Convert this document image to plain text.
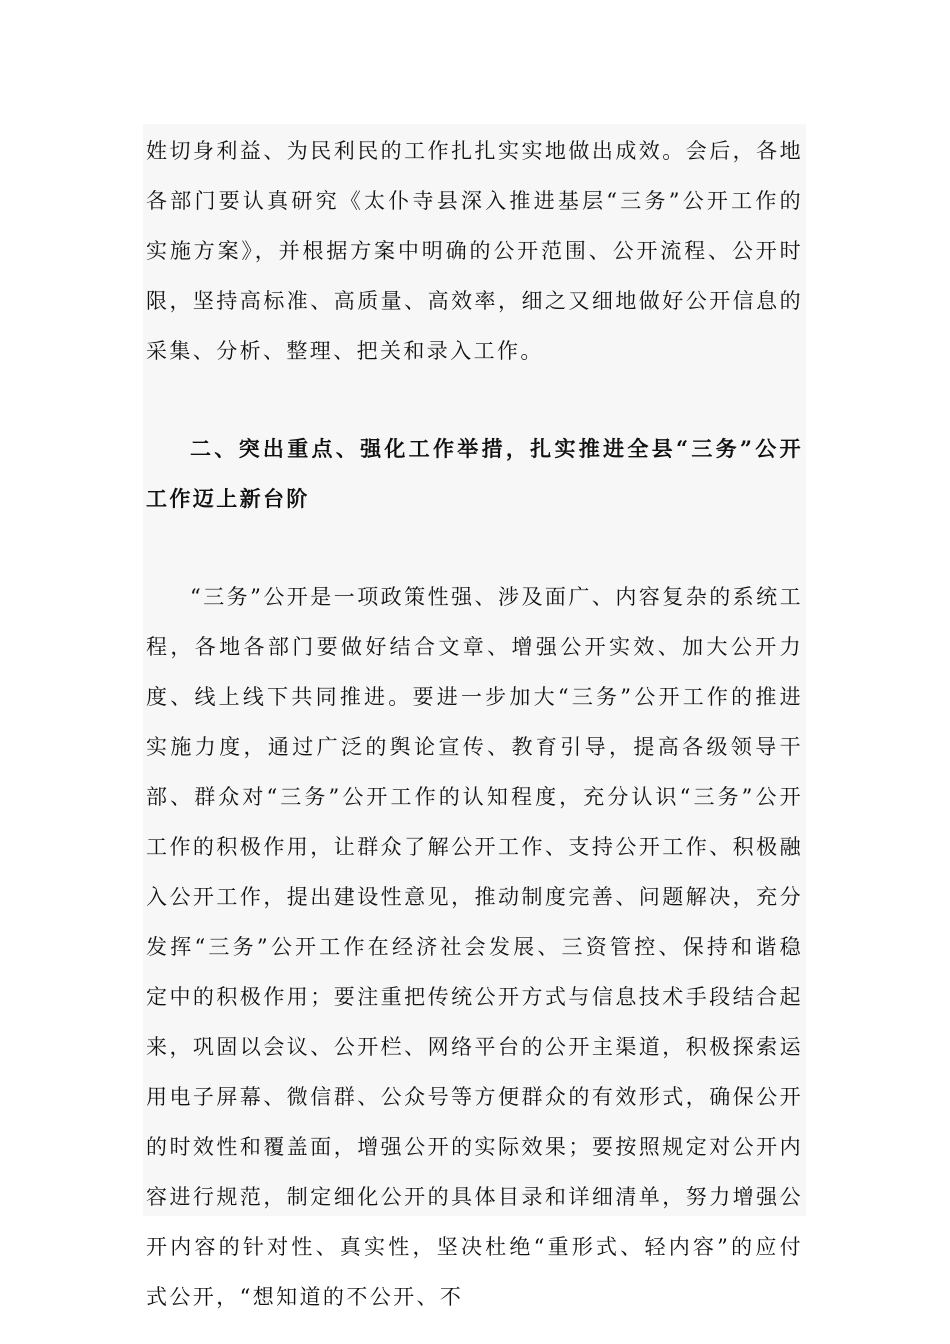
姓切身利益、为民利民的工作扎扎实实地做出成效。会后，各地各部门要认真研究《太仆寺县深入推进基层“三务”公开工作的实施方案》，并根据方案中明确的公开范围、公开流程、公开时限，坚持高标准、高质量、高效率，细之又细地做好公开信息的采集、分析、整理、把关和录入工作。

二、突出重点、强化工作举措，扎实推进全县“三务”公开工作迈上新台阶

“三务”公开是一项政策性强、涉及面广、内容复杂的系统工程，各地各部门要做好结合文章、增强公开实效、加大公开力度、线上线下共同推进。要进一步加大“三务”公开工作的推进实施力度，通过广泛的舆论宣传、教育引导，提高各级领导干部、群众对“三务”公开工作的认知程度，充分认识“三务”公开工作的积极作用，让群众了解公开工作、支持公开工作、积极融入公开工作，提出建设性意见，推动制度完善、问题解决，充分发挥“三务”公开工作在经济社会发展、三资管控、保持和谐稳定中的积极作用；要注重把传统公开方式与信息技术手段结合起来，巩固以会议、公开栏、网络平台的公开主渠道，积极探索运用电子屏幕、微信群、公众号等方便群众的有效形式，确保公开的时效性和覆盖面，增强公开的实际效果；要按照规定对公开内容进行规范，制定细化公开的具体目录和详细清单，努力增强公开内容的针对性、真实性，坚决杜绝“重形式、轻内容”的应付式公开，“想知道的不公开、不
